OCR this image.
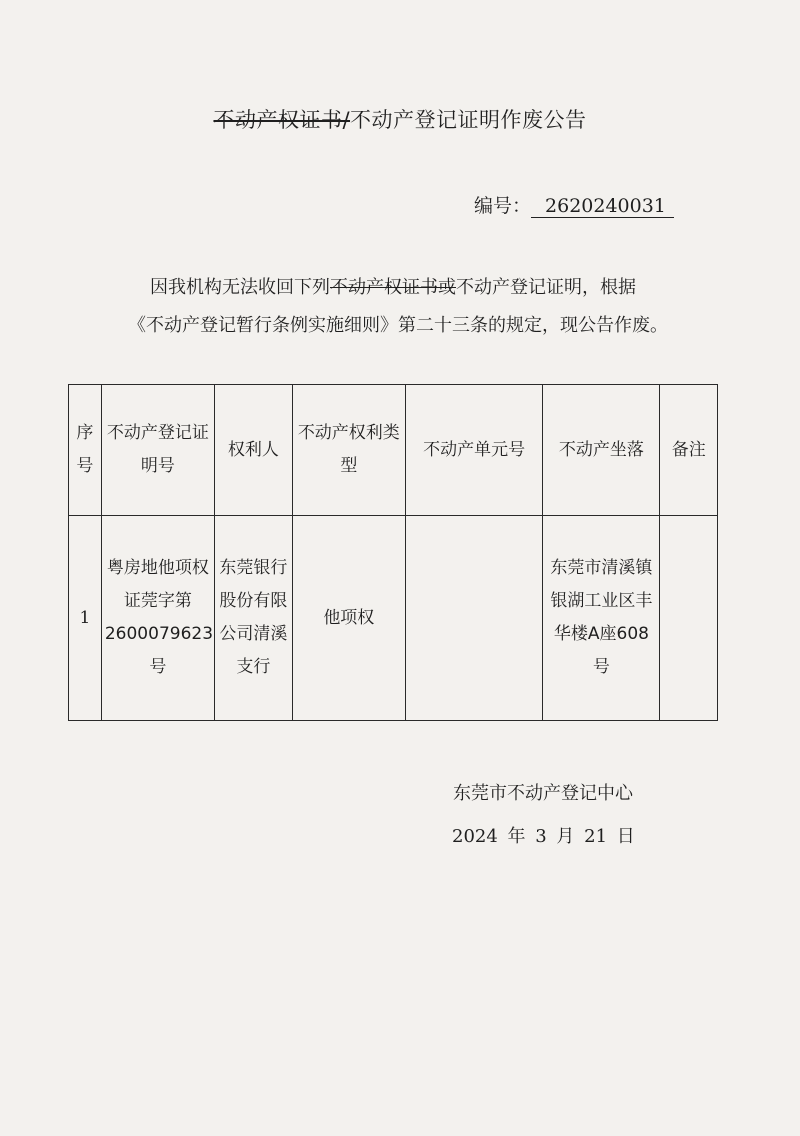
不动产权证书/不动产登记证明作废公告
编号： 2620240031
因我机构无法收回下列不动产权证书或不动产登记证明，根据
《不动产登记暂行条例实施细则》第二十三条的规定，现公告作废。
序号	不动产登记证明号	权利人	不动产权利类型	不动产单元号	不动产坐落	备注
1	粤房地他项权证莞字第2600079623号	东莞银行股份有限公司清溪支行	他项权		东莞市清溪镇银湖工业区丰华楼A座608号	
东莞市不动产登记中心
2024 年 3 月 21 日
